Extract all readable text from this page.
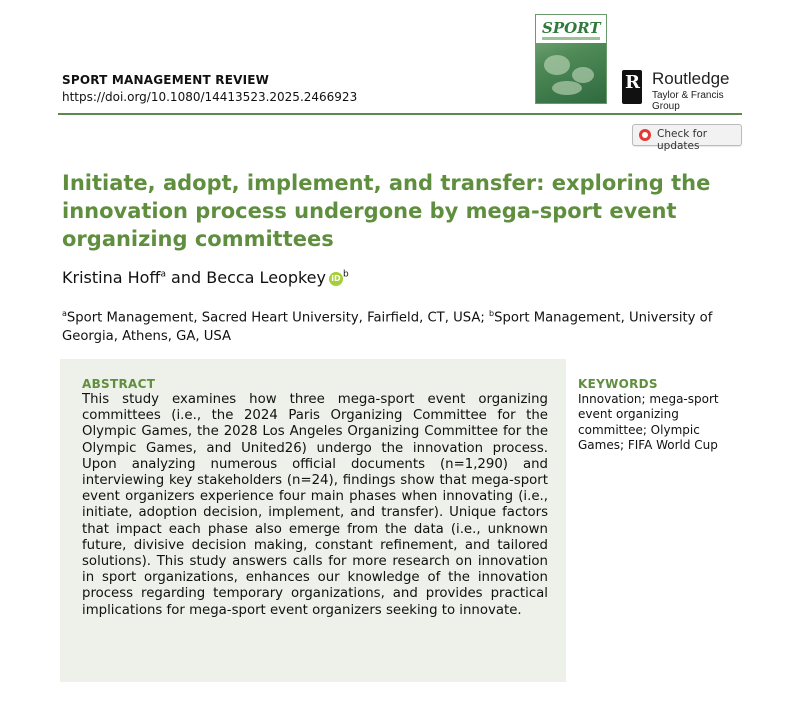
SPORT MANAGEMENT REVIEW
https://doi.org/10.1080/14413523.2025.2466923
SPORT
R Routledge
Taylor & Francis Group
Check for updates
Initiate, adopt, implement, and transfer: exploring the innovation process undergone by mega-sport event organizing committees
Kristina Hoff$^a$ and Becca Leopkey iD $^b$
$^a$Sport Management, Sacred Heart University, Fairfield, CT, USA; $^b$Sport Management, University of Georgia, Athens, GA, USA
ABSTRACT
This study examines how three mega-sport event organizing committees (i.e., the 2024 Paris Organizing Committee for the Olympic Games, the 2028 Los Angeles Organizing Committee for the Olympic Games, and United26) undergo the innovation process. Upon analyzing numerous official documents (n=1,290) and interviewing key stakeholders (n=24), findings show that mega-sport event organizers experience four main phases when innovating (i.e., initiate, adoption decision, implement, and transfer). Unique factors that impact each phase also emerge from the data (i.e., unknown future, divisive decision making, constant refinement, and tailored solutions). This study answers calls for more research on innovation in sport organizations, enhances our knowledge of the innovation process regarding temporary organizations, and provides practical implications for mega-sport event organizers seeking to innovate.
KEYWORDS
Innovation; mega-sport event organizing committee; Olympic Games; FIFA World Cup
